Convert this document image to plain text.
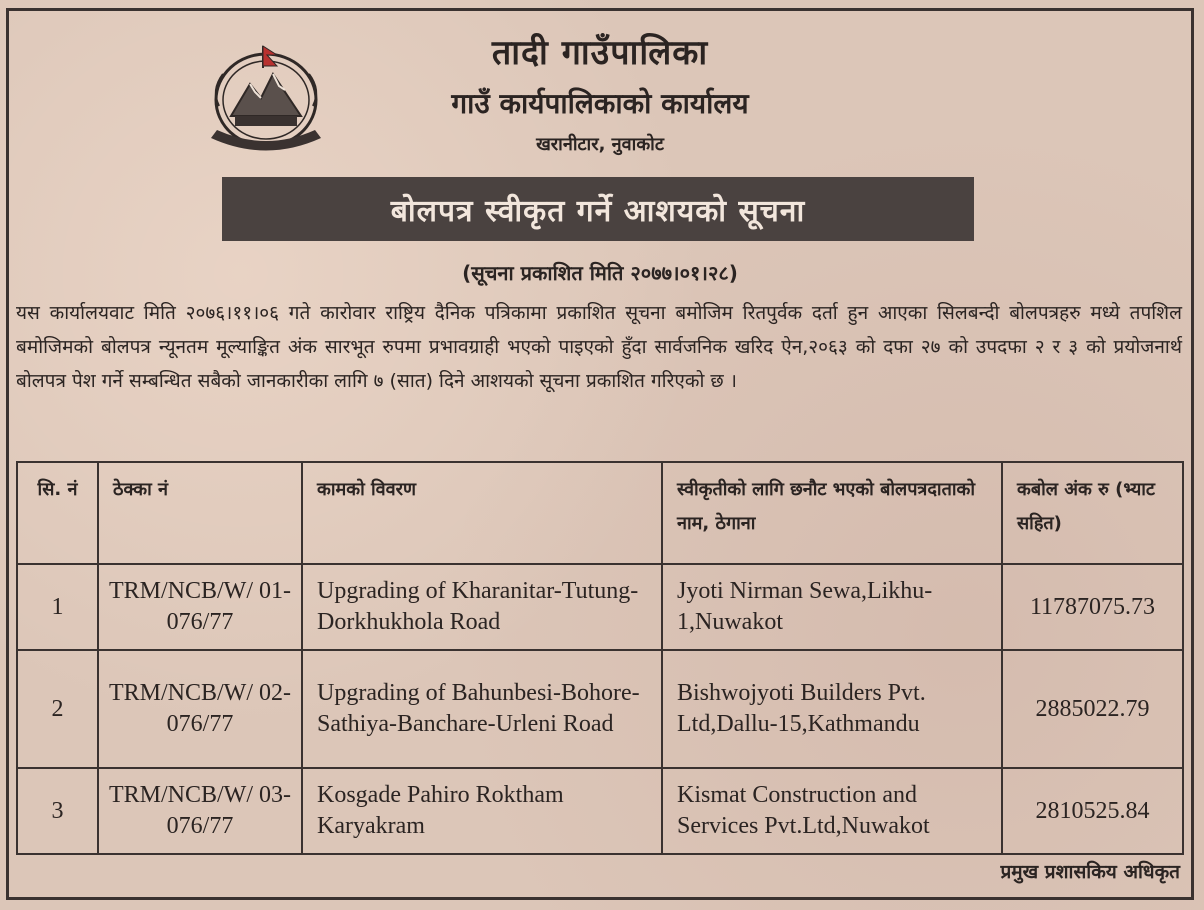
तादी गाउँपालिका
गाउँ कार्यपालिकाको कार्यालय
खरानीटार, नुवाकोट
बोलपत्र स्वीकृत गर्ने आशयको सूचना
(सूचना प्रकाशित मिति २०७७।०१।२८)
यस कार्यालयवाट मिति २०७६।११।०६ गते कारोवार राष्ट्रिय दैनिक पत्रिकामा प्रकाशित सूचना बमोजिम रितपुर्वक दर्ता हुन आएका सिलबन्दी बोलपत्रहरु मध्ये तपशिल बमोजिमको बोलपत्र न्यूनतम मूल्याङ्कित अंक सारभूत रुपमा प्रभावग्राही भएको पाइएको हुँदा सार्वजनिक खरिद ऐन,२०६३ को दफा २७ को उपदफा २ र ३ को प्रयोजनार्थ बोलपत्र पेश गर्ने सम्बन्धित सबैको जानकारीका लागि ७ (सात) दिने आशयको सूचना प्रकाशित गरिएको छ ।
सि. नं	ठेक्का नं	कामको विवरण	स्वीकृतीको लागि छनौट भएको बोलपत्रदाताको नाम, ठेगाना	कबोल अंक रु (भ्याट सहित)
1	TRM/NCB/W/ 01-076/77	Upgrading of Kharanitar-Tutung-Dorkhukhola Road	Jyoti Nirman Sewa,Likhu-1,Nuwakot	11787075.73
2	TRM/NCB/W/ 02-076/77	Upgrading of Bahunbesi-Bohore-Sathiya-Banchare-Urleni Road	Bishwojyoti Builders Pvt. Ltd,Dallu-15,Kathmandu	2885022.79
3	TRM/NCB/W/ 03-076/77	Kosgade Pahiro Roktham Karyakram	Kismat Construction and Services Pvt.Ltd,Nuwakot	2810525.84
प्रमुख प्रशासकिय अधिकृत
